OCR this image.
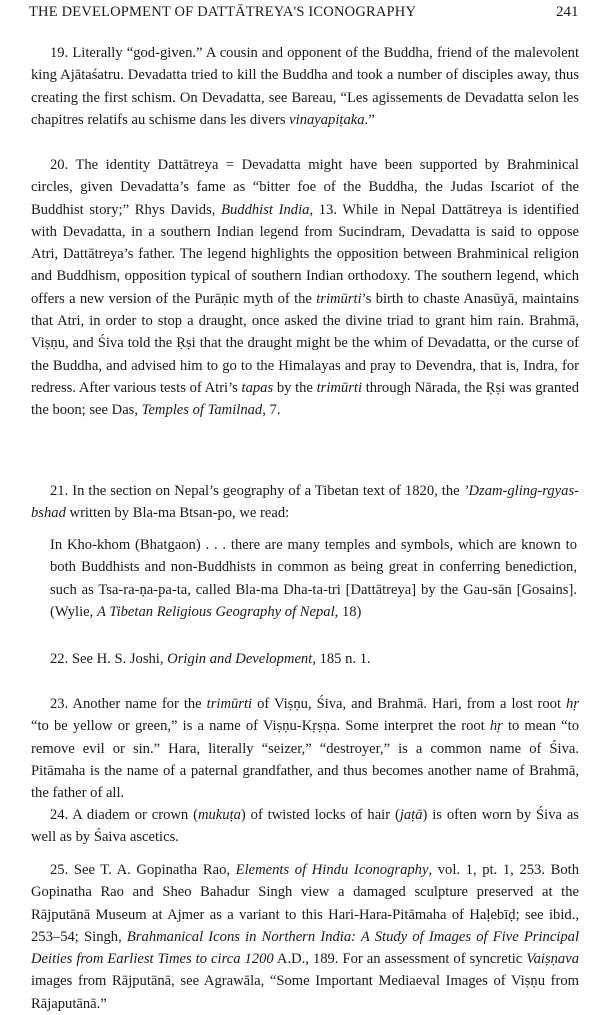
THE DEVELOPMENT OF DATTĀTREYA'S ICONOGRAPHY	241

19. Literally “god-given.” A cousin and opponent of the Buddha, friend of the malevolent king Ajātaśatru. Devadatta tried to kill the Buddha and took a number of disciples away, thus creating the first schism. On Devadatta, see Bareau, “Les agissements de Devadatta selon les chapitres relatifs au schisme dans les divers vinayapiṭaka.”

20. The identity Dattātreya = Devadatta might have been supported by Brahminical circles, given Devadatta’s fame as “bitter foe of the Buddha, the Judas Iscariot of the Buddhist story;” Rhys Davids, Buddhist India, 13. While in Nepal Dattātreya is identified with Devadatta, in a southern Indian legend from Sucindram, Devadatta is said to oppose Atri, Dattātreya’s father. The legend highlights the opposition between Brahminical religion and Buddhism, opposition typical of southern Indian orthodoxy. The southern legend, which offers a new version of the Purāṇic myth of the trimūrti’s birth to chaste Anasūyā, maintains that Atri, in order to stop a draught, once asked the divine triad to grant him rain. Brahmā, Viṣṇu, and Śiva told the Ṛṣi that the draught might be the whim of Devadatta, or the curse of the Buddha, and advised him to go to the Himalayas and pray to Devendra, that is, Indra, for redress. After various tests of Atri’s tapas by the trimūrti through Nārada, the Ṛṣi was granted the boon; see Das, Temples of Tamilnad, 7.

21. In the section on Nepal’s geography of a Tibetan text of 1820, the ’Dzam-gling-rgyas-bshad written by Bla-ma Btsan-po, we read:

In Kho-khom (Bhatgaon) . . . there are many temples and symbols, which are known to both Buddhists and non-Buddhists in common as being great in conferring benediction, such as Tsa-ra-ṇa-pa-ta, called Bla-ma Dha-ta-tri [Dattātreya] by the Gau-sān [Gosains]. (Wylie, A Tibetan Religious Geography of Nepal, 18)

22. See H. S. Joshi, Origin and Development, 185 n. 1.

23. Another name for the trimūrti of Viṣṇu, Śiva, and Brahmā. Hari, from a lost root hṛ “to be yellow or green,” is a name of Viṣṇu-Kṛṣṇa. Some interpret the root hṛ to mean “to remove evil or sin.” Hara, literally “seizer,” “destroyer,” is a common name of Śiva. Pitāmaha is the name of a paternal grandfather, and thus becomes another name of Brahmā, the father of all.

24. A diadem or crown (mukuṭa) of twisted locks of hair (jaṭā) is often worn by Śiva as well as by Śaiva ascetics.

25. See T. A. Gopinatha Rao, Elements of Hindu Iconography, vol. 1, pt. 1, 253. Both Gopinatha Rao and Sheo Bahadur Singh view a damaged sculpture preserved at the Rājputānā Museum at Ajmer as a variant to this Hari-Hara-Pitāmaha of Haḷebīḍ; see ibid., 253–54; Singh, Brahmanical Icons in Northern India: A Study of Images of Five Principal Deities from Earliest Times to circa 1200 A.D., 189. For an assessment of syncretic Vaiṣṇava images from Rājputānā, see Agrawāla, “Some Important Mediaeval Images of Viṣṇu from Rājaputānā.”
